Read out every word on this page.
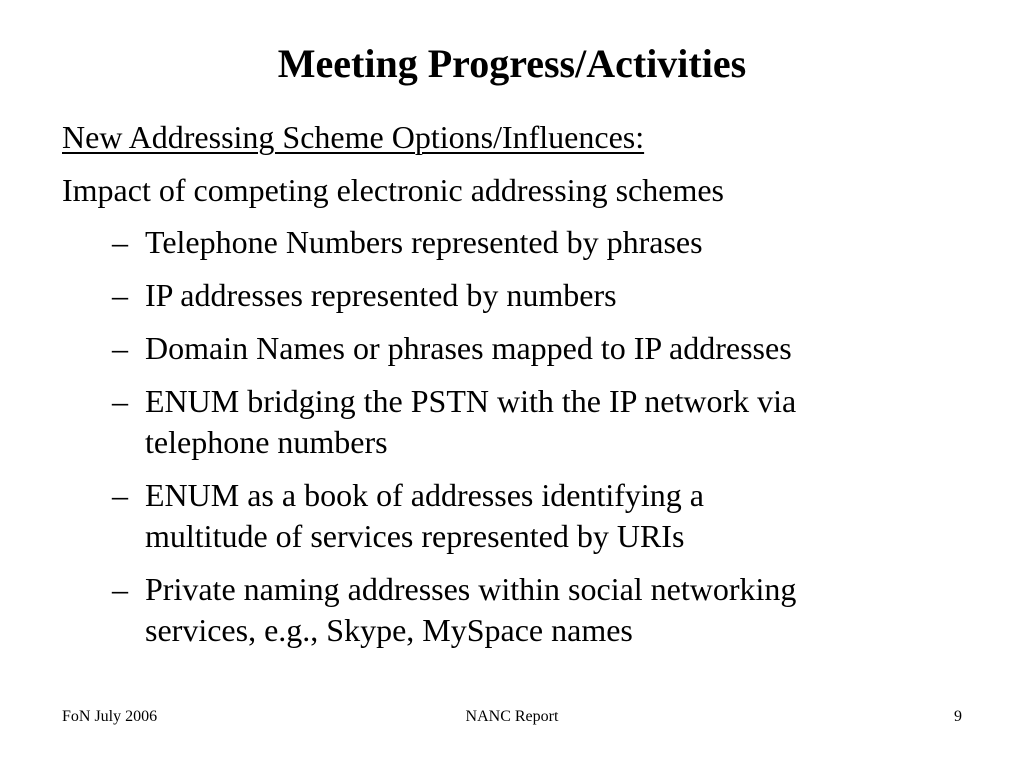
Meeting Progress/Activities

New Addressing Scheme Options/Influences:

Impact of competing electronic addressing schemes

– Telephone Numbers represented by phrases
– IP addresses represented by numbers
– Domain Names or phrases mapped to IP addresses
– ENUM bridging the PSTN with the IP network via
telephone numbers
– ENUM as a book of addresses identifying a
multitude of services represented by URIs
– Private naming addresses within social networking
services, e.g., Skype, MySpace names

FoN July 2006	NANC Report	9
